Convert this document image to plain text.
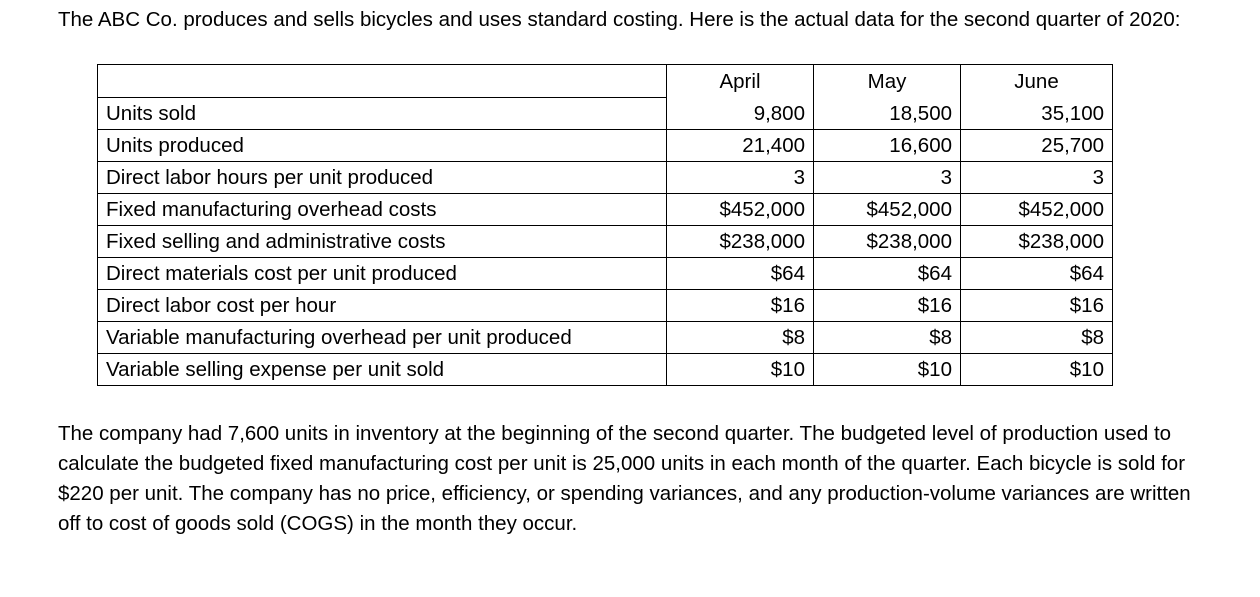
The ABC Co. produces and sells bicycles and uses standard costing. Here is the actual data for the second quarter of 2020:

	April	May	June
Units sold	9,800	18,500	35,100
Units produced	21,400	16,600	25,700
Direct labor hours per unit produced	3	3	3
Fixed manufacturing overhead costs	$452,000	$452,000	$452,000
Fixed selling and administrative costs	$238,000	$238,000	$238,000
Direct materials cost per unit produced	$64	$64	$64
Direct labor cost per hour	$16	$16	$16
Variable manufacturing overhead per unit produced	$8	$8	$8
Variable selling expense per unit sold	$10	$10	$10

The company had 7,600 units in inventory at the beginning of the second quarter. The budgeted level of production used to calculate the budgeted fixed manufacturing cost per unit is 25,000 units in each month of the quarter. Each bicycle is sold for $220 per unit. The company has no price, efficiency, or spending variances, and any production-volume variances are written off to cost of goods sold (COGS) in the month they occur.
